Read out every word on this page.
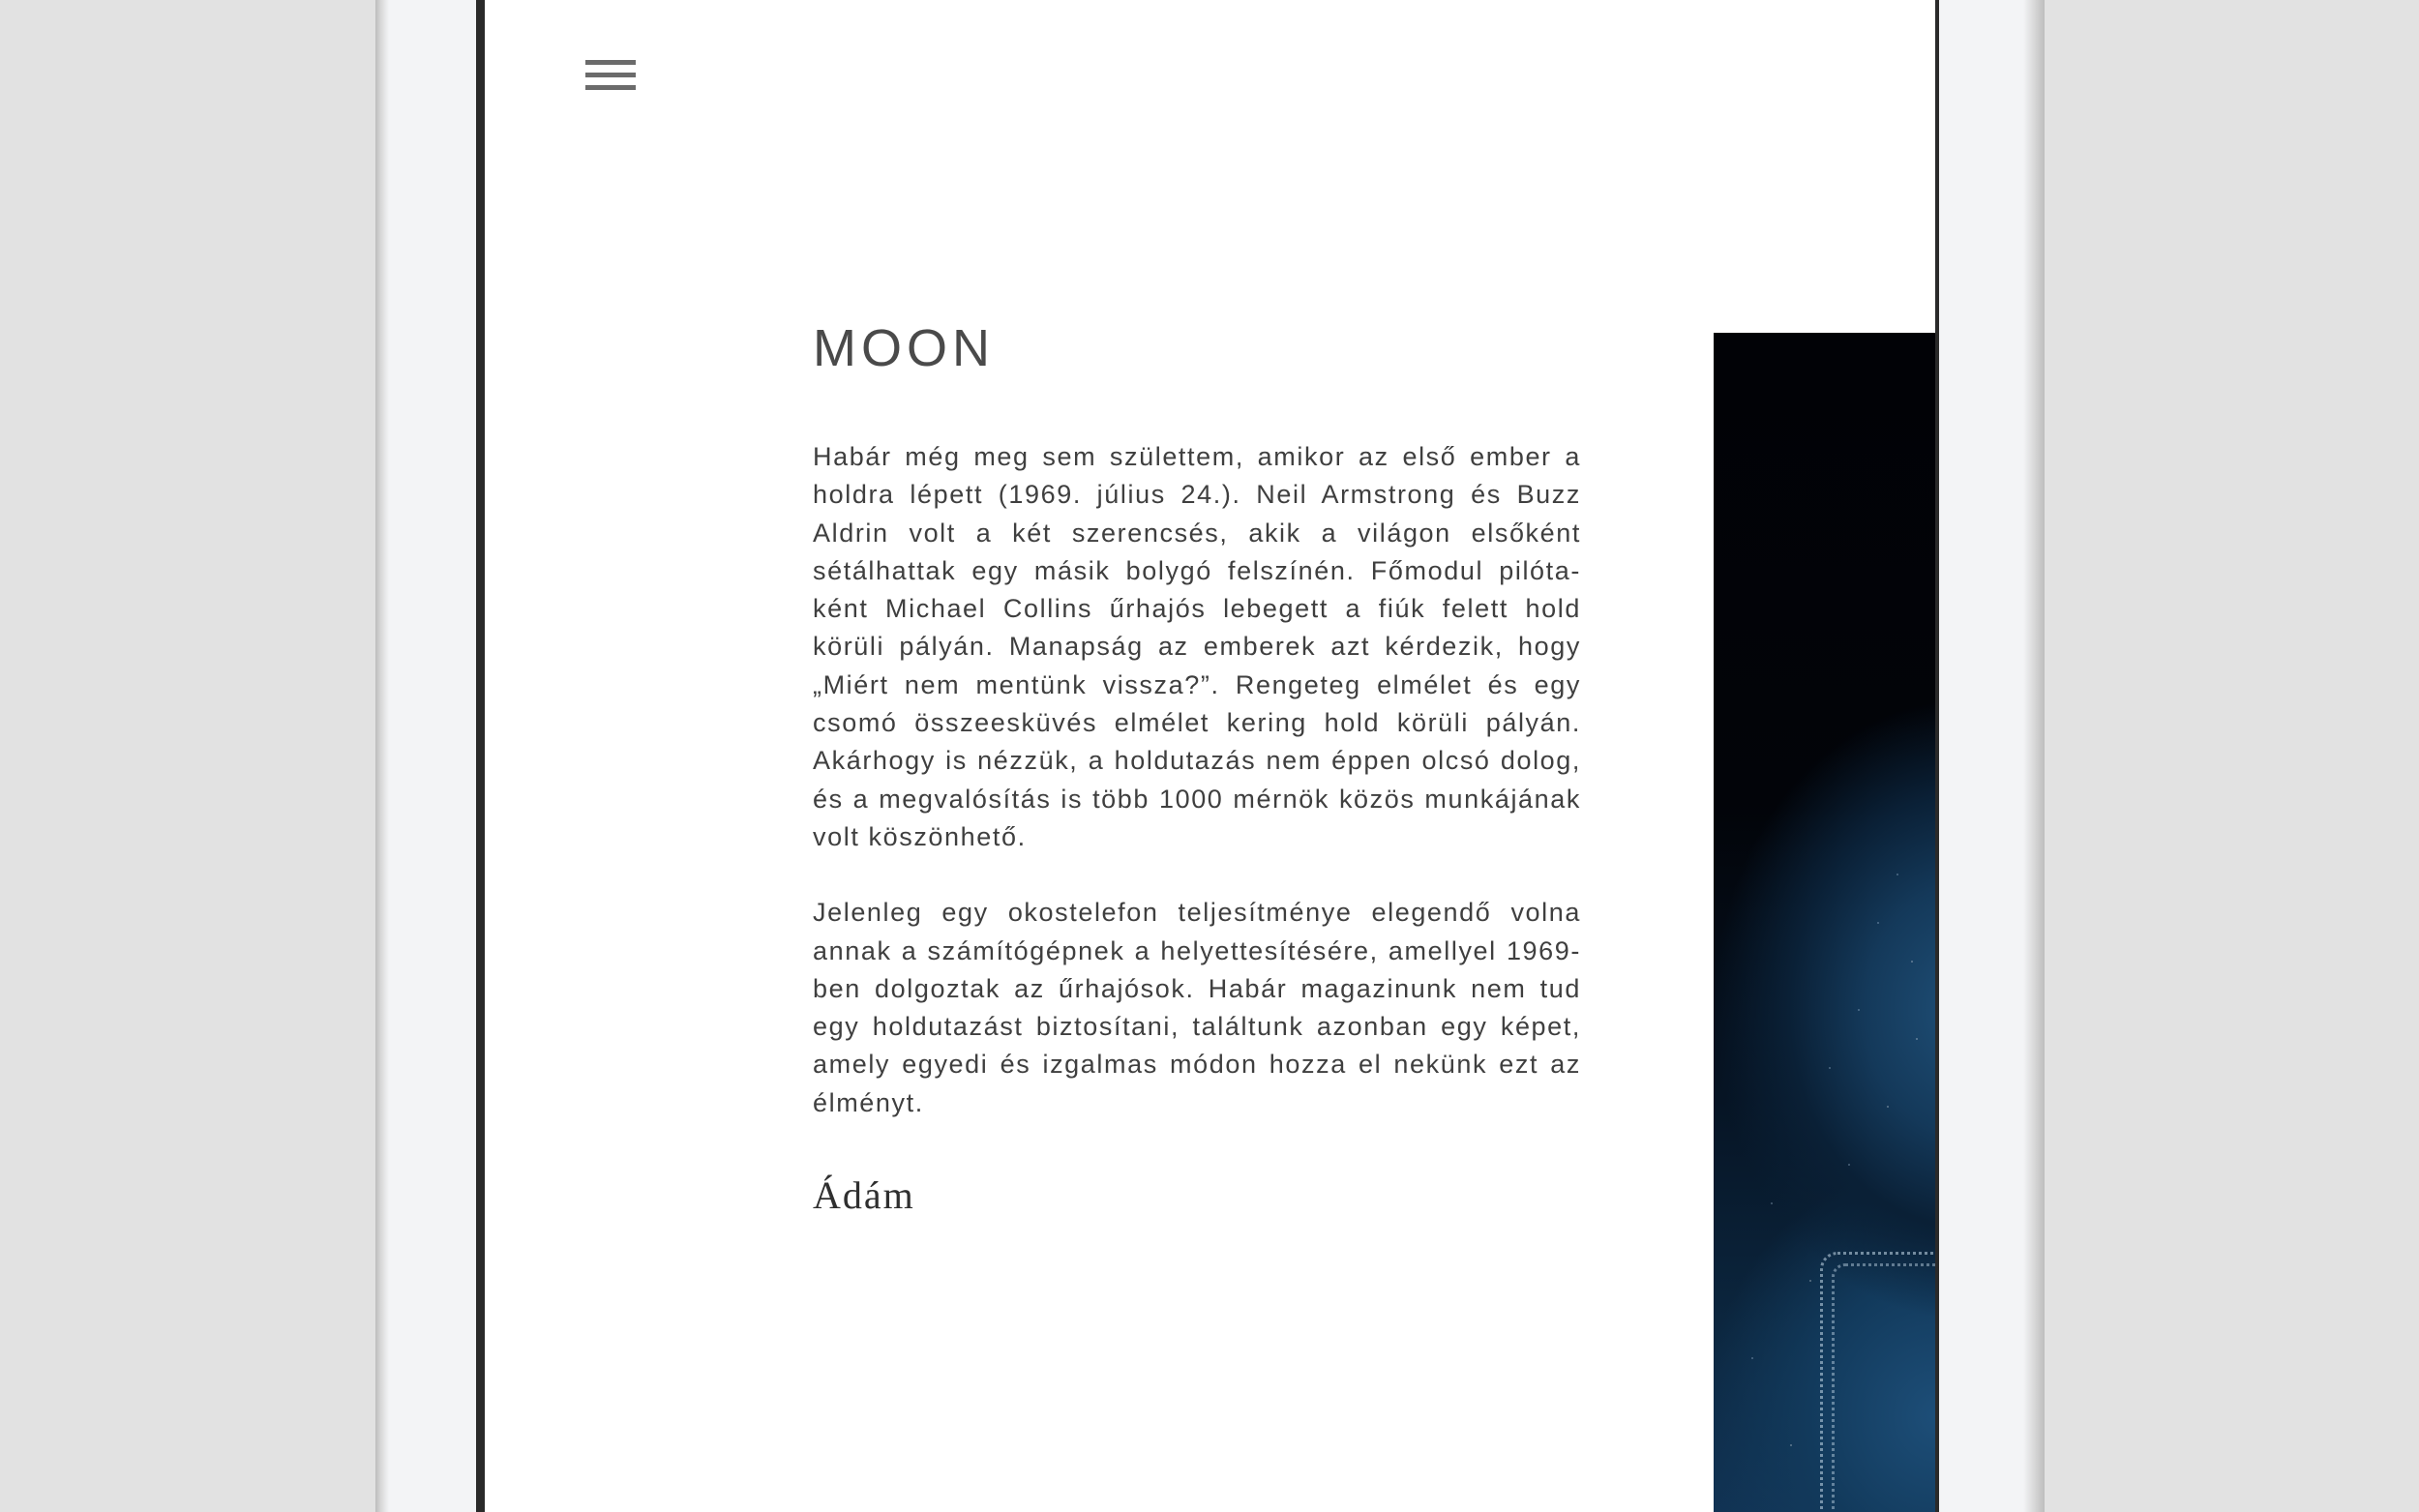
MOON

Habár még meg sem születtem, amikor az első ember a holdra lépett (1969. július 24.). Neil Armstrong és Buzz Aldrin volt a két szerencsés, akik a világon elsőként sétálhattak egy másik bolygó felszínén. Főmodul pilóta-ként Michael Collins űrhajós lebegett a fiúk felett hold körüli pályán. Manapság az emberek azt kérdezik, hogy „Miért nem mentünk vissza?”. Rengeteg elmélet és egy csomó összeesküvés elmélet kering hold körüli pályán. Akárhogy is nézzük, a holdutazás nem éppen olcsó dolog, és a megvalósítás is több 1000 mérnök közös munkájának volt köszönhető.

Jelenleg egy okostelefon teljesítménye elegendő volna annak a számítógépnek a helyettesítésére, amellyel 1969-ben dolgoztak az űrhajósok. Habár magazinunk nem tud egy holdutazást biztosítani, találtunk azonban egy képet, amely egyedi és izgalmas módon hozza el nekünk ezt az élményt.

Ádám
